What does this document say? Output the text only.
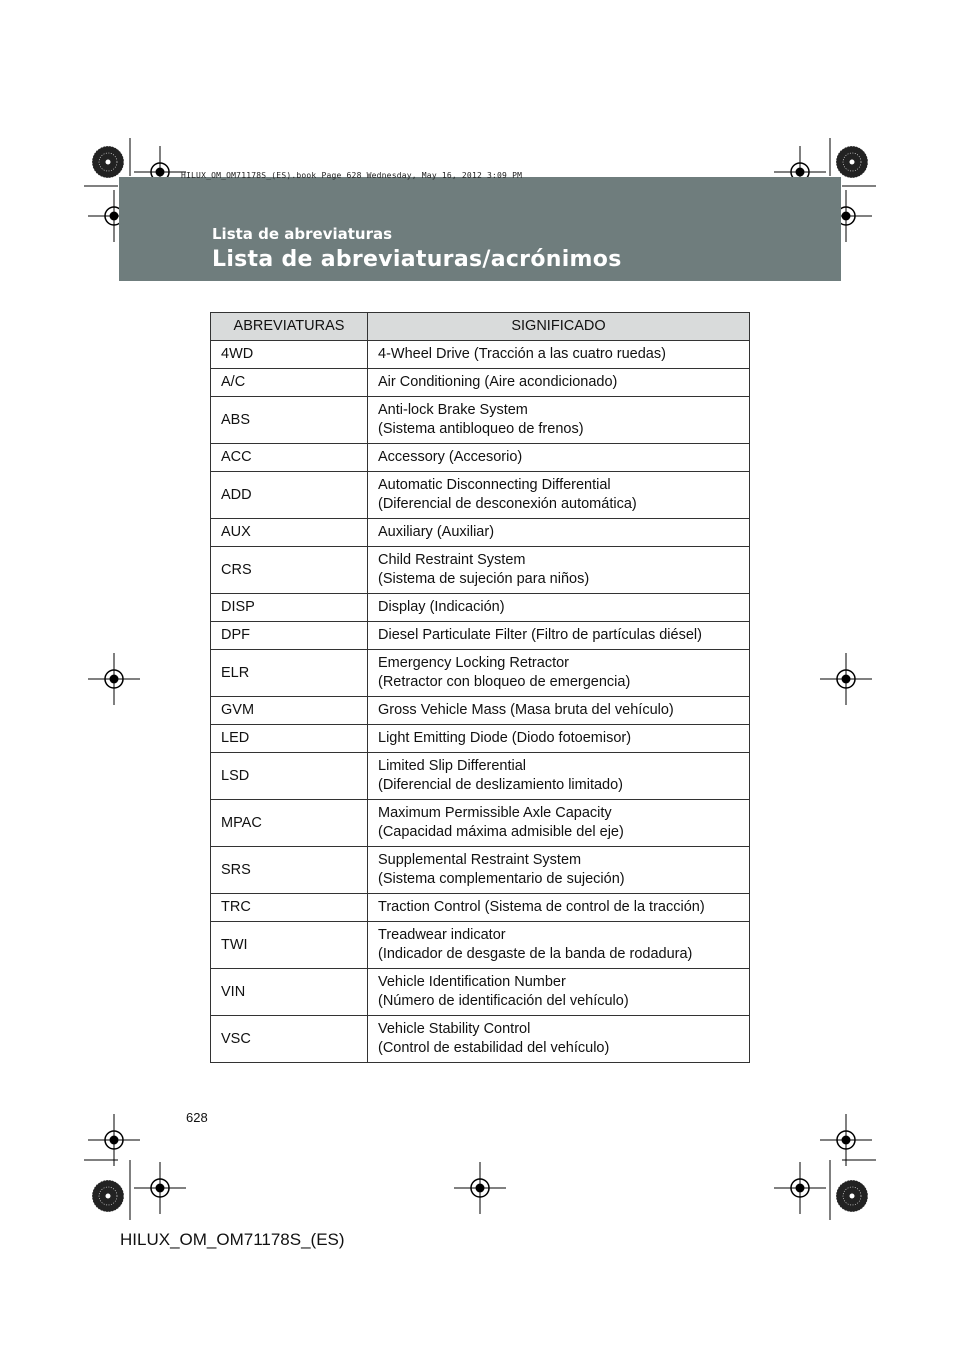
HILUX_OM_OM71178S_(ES).book Page 628 Wednesday, May 16, 2012 3:09 PM
Lista de abreviaturas
Lista de abreviaturas/acrónimos
ABREVIATURAS	SIGNIFICADO
4WD	4-Wheel Drive (Tracción a las cuatro ruedas)

A/C	Air Conditioning (Aire acondicionado)

ABS	Anti-lock Brake System
(Sistema antibloqueo de frenos)

ACC	Accessory (Accesorio)

ADD	Automatic Disconnecting Differential
(Diferencial de desconexión automática)

AUX	Auxiliary (Auxiliar)

CRS	Child Restraint System
(Sistema de sujeción para niños)

DISP	Display (Indicación)

DPF	Diesel Particulate Filter (Filtro de partículas diésel)

ELR	Emergency Locking Retractor
(Retractor con bloqueo de emergencia)

GVM	Gross Vehicle Mass (Masa bruta del vehículo)

LED	Light Emitting Diode (Diodo fotoemisor)

LSD	Limited Slip Differential
(Diferencial de deslizamiento limitado)

MPAC	Maximum Permissible Axle Capacity
(Capacidad máxima admisible del eje)

SRS	Supplemental Restraint System
(Sistema complementario de sujeción)

TRC	Traction Control (Sistema de control de la tracción)

TWI	Treadwear indicator
(Indicador de desgaste de la banda de rodadura)

VIN	Vehicle Identification Number
(Número de identificación del vehículo)

VSC	Vehicle Stability Control
(Control de estabilidad del vehículo)
628
HILUX_OM_OM71178S_(ES)
